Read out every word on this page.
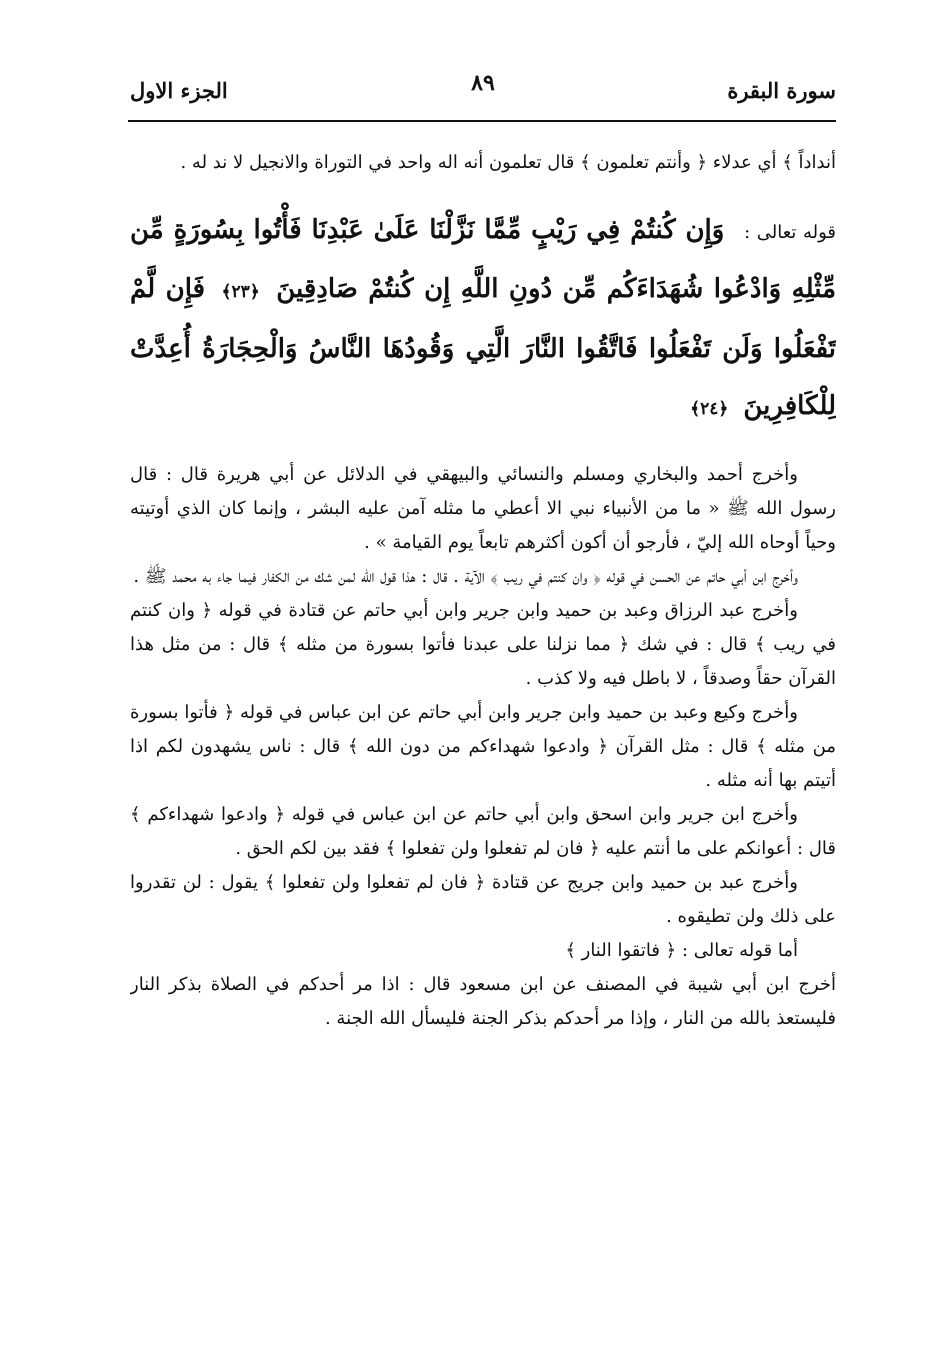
الجزء الاول	٨٩	سورة البقرة

أنداداً ﴾ أي عدلاء ﴿ وأنتم تعلمون ﴾ قال تعلمون أنه اله واحد في التوراة والانجيل لا ند له .

قوله تعالى : وَإِن كُنتُمْ فِي رَيْبٍ مِّمَّا نَزَّلْنَا عَلَىٰ عَبْدِنَا فَأْتُوا بِسُورَةٍ مِّن مِّثْلِهِ وَادْعُوا شُهَدَاءَكُم مِّن دُونِ اللَّهِ إِن كُنتُمْ صَادِقِينَ ﴿٢٣﴾ فَإِن لَّمْ تَفْعَلُوا وَلَن تَفْعَلُوا فَاتَّقُوا النَّارَ الَّتِي وَقُودُهَا النَّاسُ وَالْحِجَارَةُ أُعِدَّتْ لِلْكَافِرِينَ ﴿٢٤﴾

وأخرج أحمد والبخاري ومسلم والنسائي والبيهقي في الدلائل عن أبي هريرة قال : قال رسول الله ﷺ « ما من الأنبياء نبي الا أعطي ما مثله آمن عليه البشر ، وإنما كان الذي أوتيته وحياً أوحاه الله إليّ ، فأرجو أن أكون أكثرهم تابعاً يوم القيامة » .

وأخرج ابن أبي حاتم عن الحسن في قوله ﴿ وان كنتم في ريب ﴾ الآية . قال : هذا قول الله لمن شك من الكفار فيما جاء به محمد ﷺ .

وأخرج عبد الرزاق وعبد بن حميد وابن جرير وابن أبي حاتم عن قتادة في قوله ﴿ وان كنتم في ريب ﴾ قال : في شك ﴿ مما نزلنا على عبدنا فأتوا بسورة من مثله ﴾ قال : من مثل هذا القرآن حقاً وصدقاً ، لا باطل فيه ولا كذب .

وأخرج وكيع وعبد بن حميد وابن جرير وابن أبي حاتم عن ابن عباس في قوله ﴿ فأتوا بسورة من مثله ﴾ قال : مثل القرآن ﴿ وادعوا شهداءكم من دون الله ﴾ قال : ناس يشهدون لكم اذا أتيتم بها أنه مثله .

وأخرج ابن جرير وابن اسحق وابن أبي حاتم عن ابن عباس في قوله ﴿ وادعوا شهداءكم ﴾ قال : أعوانكم على ما أنتم عليه ﴿ فان لم تفعلوا ولن تفعلوا ﴾ فقد بين لكم الحق .

وأخرج عبد بن حميد وابن جريج عن قتادة ﴿ فان لم تفعلوا ولن تفعلوا ﴾ يقول : لن تقدروا على ذلك ولن تطيقوه .

أما قوله تعالى : ﴿ فاتقوا النار ﴾

أخرج ابن أبي شيبة في المصنف عن ابن مسعود قال : اذا مر أحدكم في الصلاة بذكر النار فليستعذ بالله من النار ، وإذا مر أحدكم بذكر الجنة فليسأل الله الجنة .
